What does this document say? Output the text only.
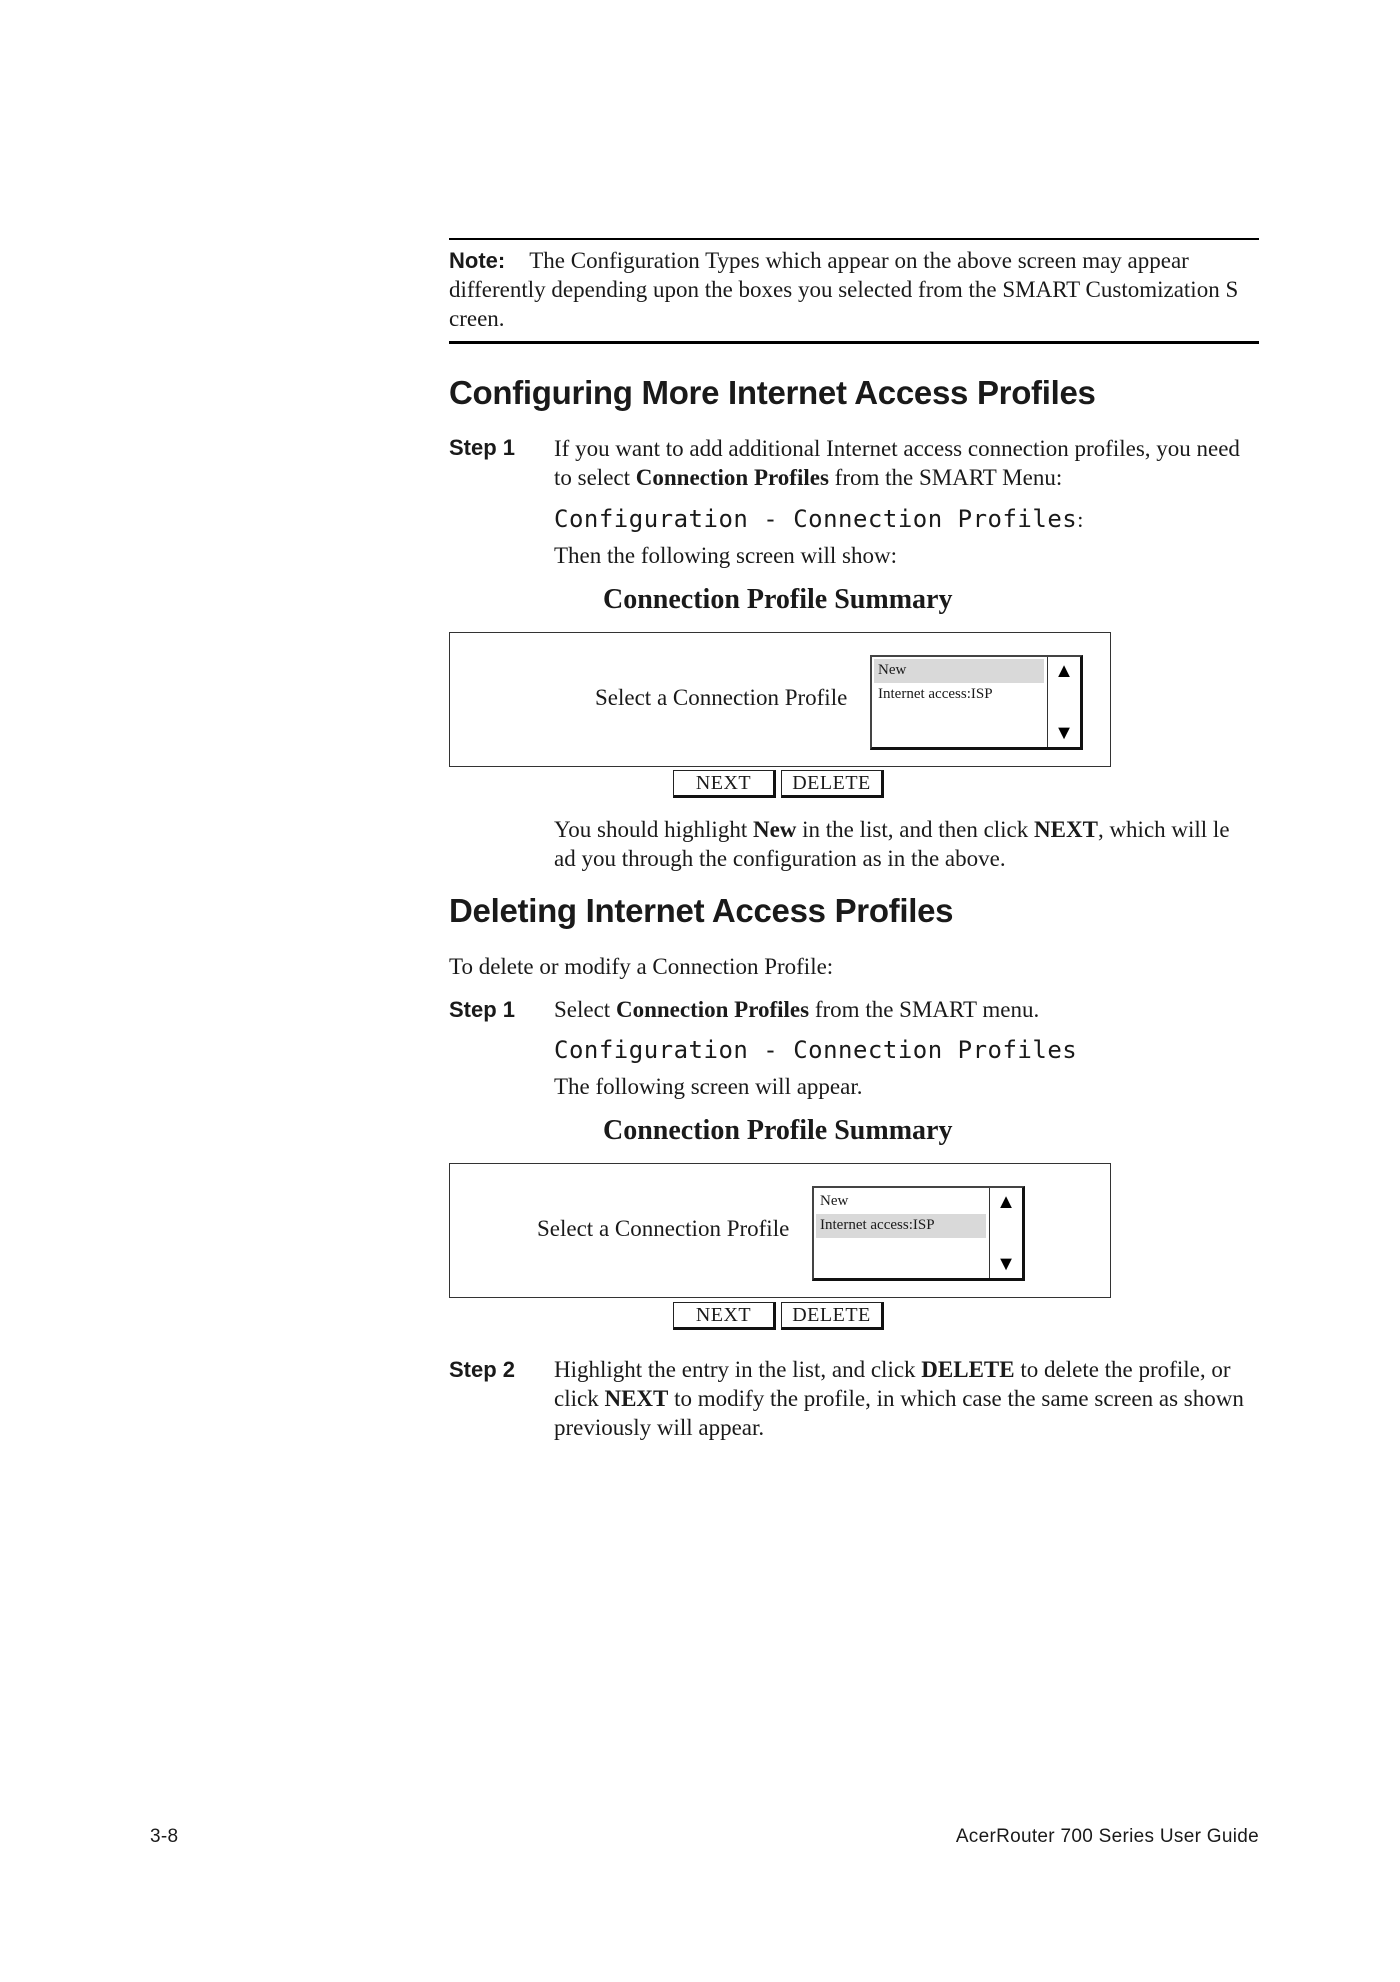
Note: The Configuration Types which appear on the above screen may appear
differently depending upon the boxes you selected from the SMART Customization S
creen.
Configuring More Internet Access Profiles
Step 1 If you want to add additional Internet access connection profiles, you need
to select Connection Profiles from the SMART Menu:
Configuration - Connection Profiles:
Then the following screen will show:
Connection Profile Summary
Select a Connection Profile
New
Internet access:ISP
▲
▼
NEXT	DELETE
You should highlight New in the list, and then click NEXT, which will le
ad you through the configuration as in the above.
Deleting Internet Access Profiles
To delete or modify a Connection Profile:
Step 1 Select Connection Profiles from the SMART menu.
Configuration - Connection Profiles
The following screen will appear.
Connection Profile Summary
Select a Connection Profile
New
Internet access:ISP
▲
▼
NEXT	DELETE
Step 2 Highlight the entry in the list, and click DELETE to delete the profile, or
click NEXT to modify the profile, in which case the same screen as shown
previously will appear.
3-8	AcerRouter 700 Series User Guide
